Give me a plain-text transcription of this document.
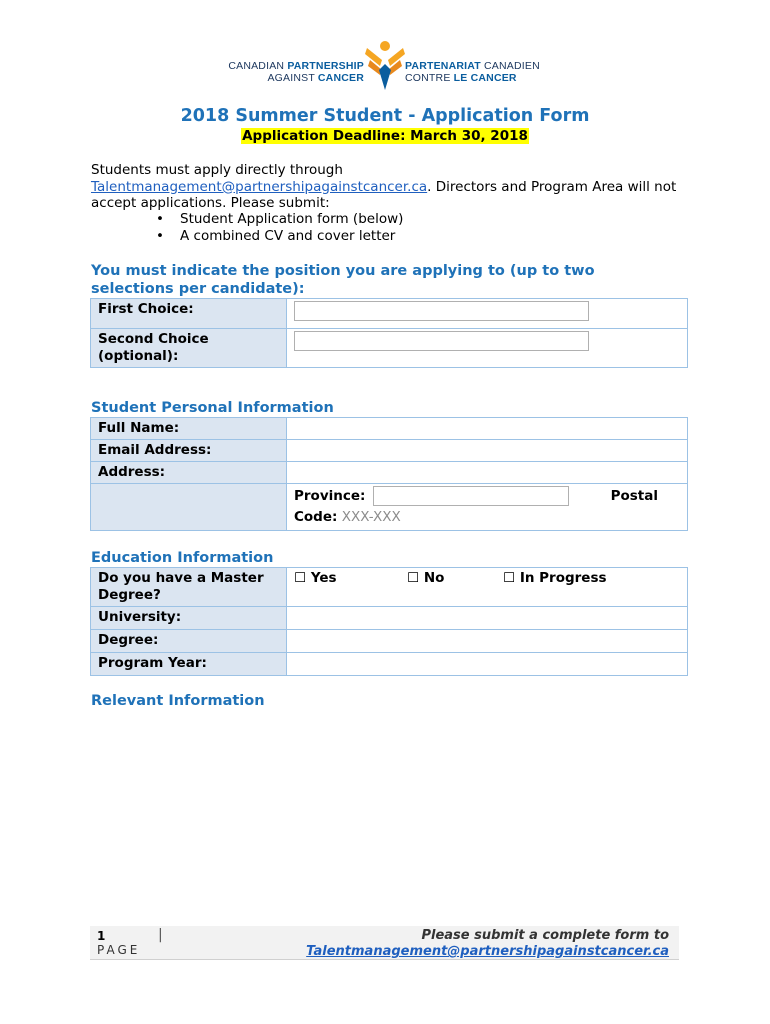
CANADIAN PARTNERSHIP
AGAINST CANCER
PARTENARIAT CANADIEN
CONTRE LE CANCER
2018 Summer Student - Application Form
Application Deadline: March 30, 2018
Students must apply directly through
Talentmanagement@partnershipagainstcancer.ca. Directors and Program Area will not accept applications. Please submit:
• Student Application form (below)
• A combined CV and cover letter
You must indicate the position you are applying to (up to two selections per candidate):
First Choice:	

Second Choice
(optional):	

Student Personal Information
Full Name:	
Email Address:	
Address:	

	Province: Postal
Code: XXX-XXX
Education Information
Do you have a Master Degree?	☐ Yes ☐ No ☐ In Progress

University:	
Degree:	
Program Year:	
Relevant Information
1	|
PAGE
Please submit a complete form to
Talentmanagement@partnershipagainstcancer.ca
